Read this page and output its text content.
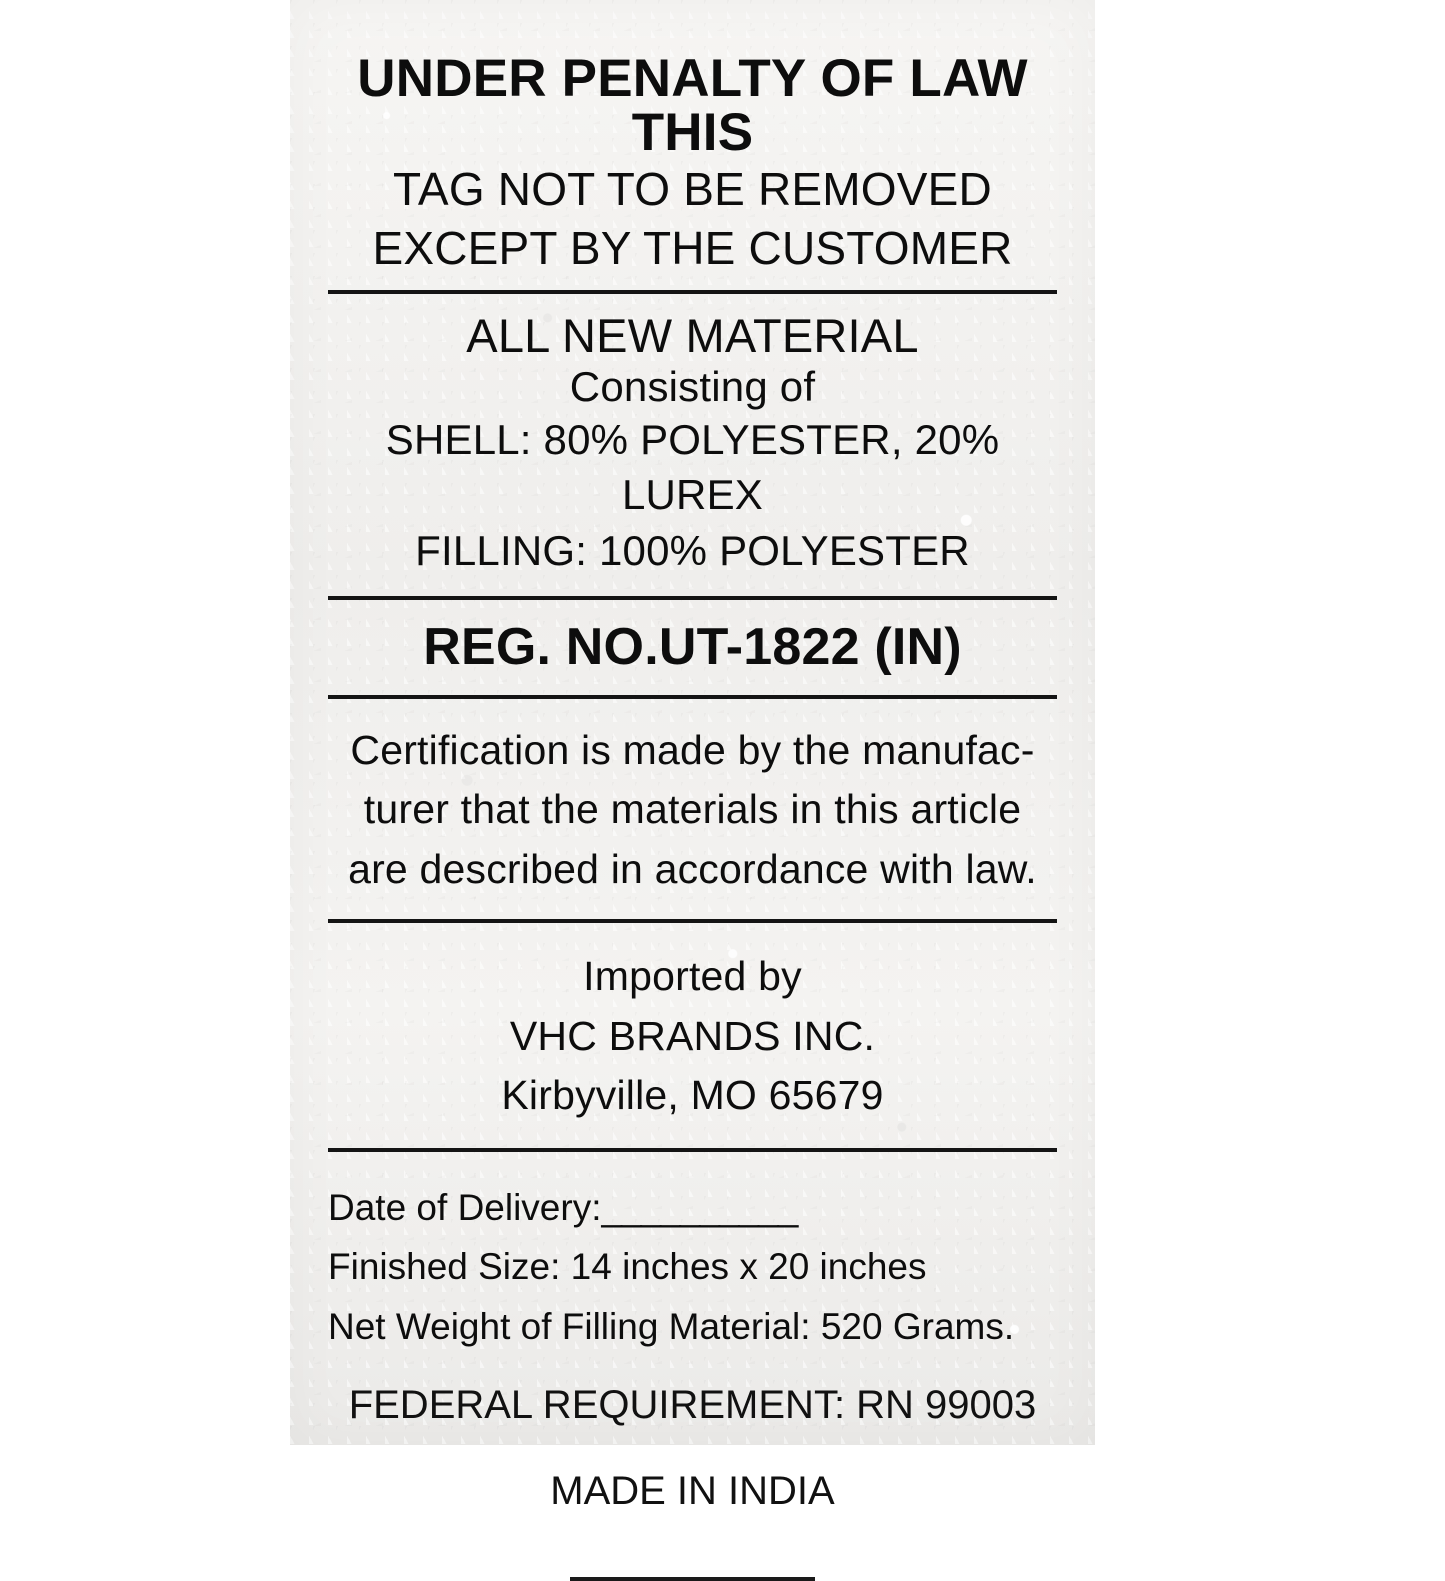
UNDER PENALTY OF LAW THIS
TAG NOT TO BE REMOVED
EXCEPT BY THE CUSTOMER
ALL NEW MATERIAL
Consisting of
SHELL: 80% POLYESTER, 20% LUREX
FILLING: 100% POLYESTER
REG. NO.UT-1822 (IN)
Certification is made by the manufac-
turer that the materials in this article
are described in accordance with law.
Imported by
VHC BRANDS INC.
Kirbyville, MO 65679
Date of Delivery:__________
Finished Size: 14 inches x 20 inches
Net Weight of Filling Material: 520 Grams.
FEDERAL REQUIREMENT: RN 99003
MADE IN INDIA
